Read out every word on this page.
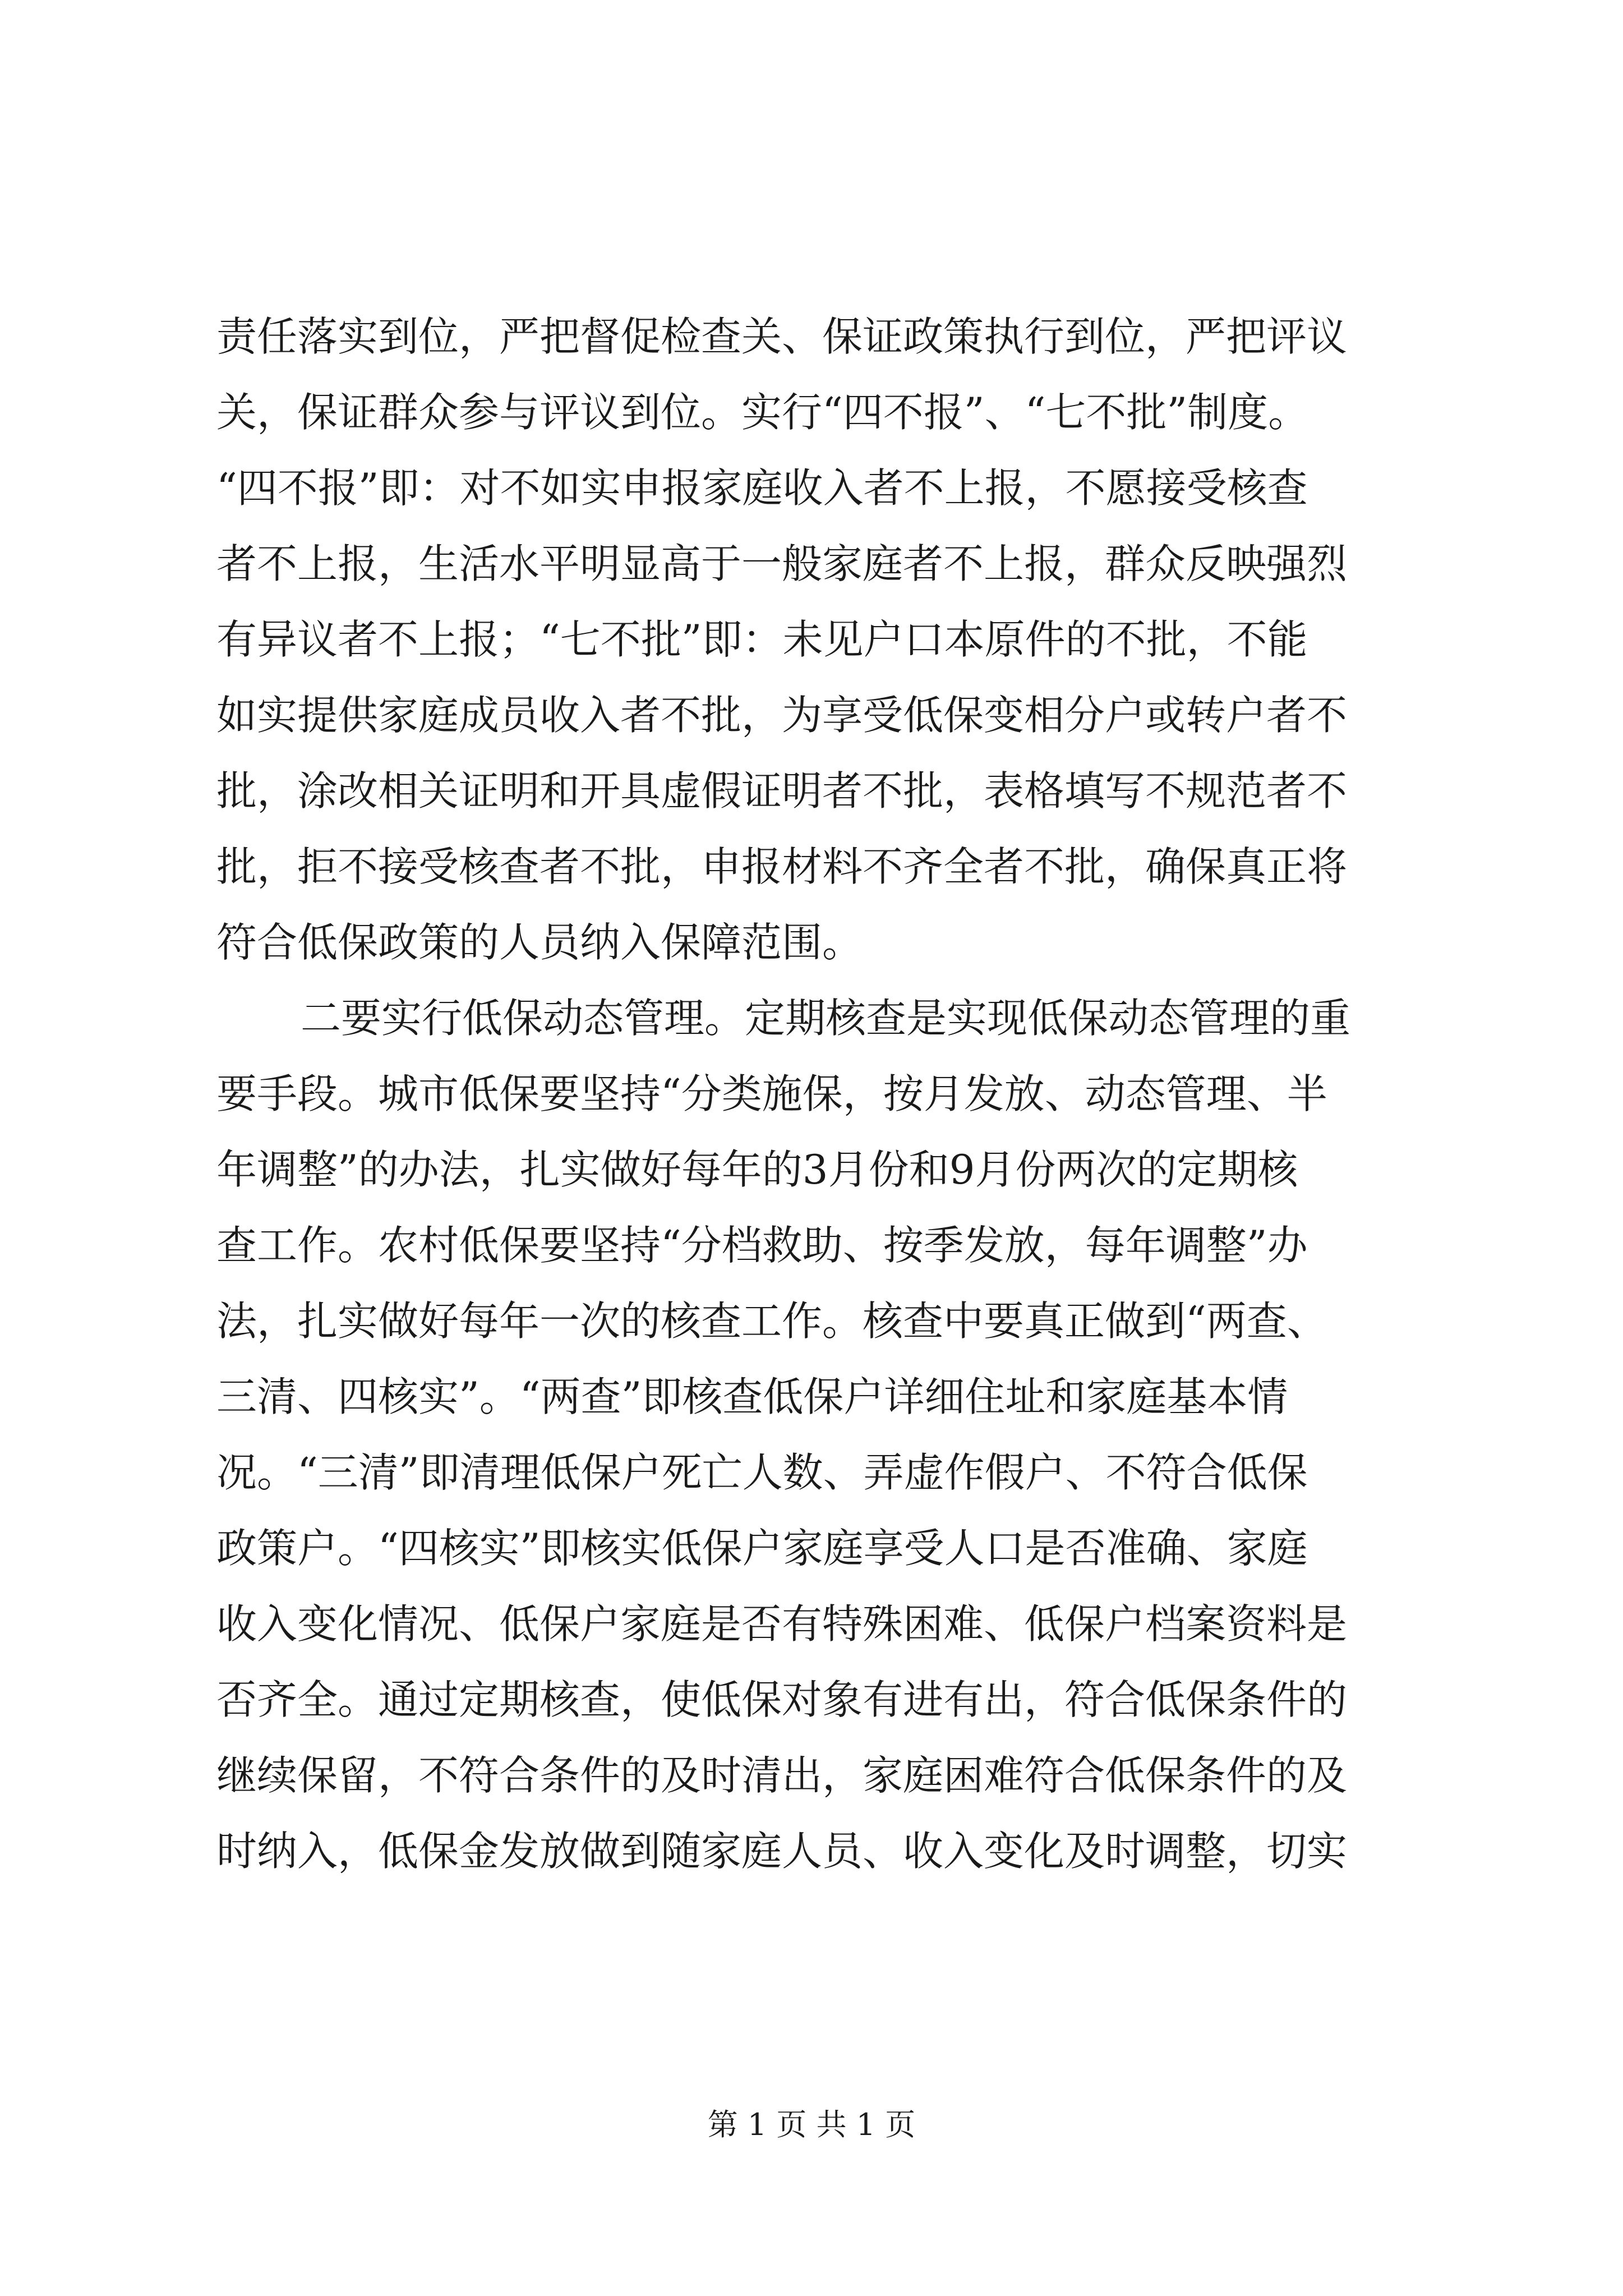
责任落实到位，严把督促检查关、保证政策执行到位，严把评议
关，保证群众参与评议到位。实行“四不报”、“七不批”制度。
“四不报”即：对不如实申报家庭收入者不上报，不愿接受核查
者不上报，生活水平明显高于一般家庭者不上报，群众反映强烈
有异议者不上报；“七不批”即：未见户口本原件的不批，不能
如实提供家庭成员收入者不批，为享受低保变相分户或转户者不
批，涂改相关证明和开具虚假证明者不批，表格填写不规范者不
批，拒不接受核查者不批，申报材料不齐全者不批，确保真正将
符合低保政策的人员纳入保障范围。
二要实行低保动态管理。定期核查是实现低保动态管理的重
要手段。城市低保要坚持“分类施保，按月发放、动态管理、半
年调整”的办法，扎实做好每年的3月份和9月份两次的定期核
查工作。农村低保要坚持“分档救助、按季发放，每年调整”办
法，扎实做好每年一次的核查工作。核查中要真正做到“两查、
三清、四核实”。“两查”即核查低保户详细住址和家庭基本情
况。“三清”即清理低保户死亡人数、弄虚作假户、不符合低保
政策户。“四核实”即核实低保户家庭享受人口是否准确、家庭
收入变化情况、低保户家庭是否有特殊困难、低保户档案资料是
否齐全。通过定期核查，使低保对象有进有出，符合低保条件的
继续保留，不符合条件的及时清出，家庭困难符合低保条件的及
时纳入，低保金发放做到随家庭人员、收入变化及时调整，切实
第 1 页 共 1 页
